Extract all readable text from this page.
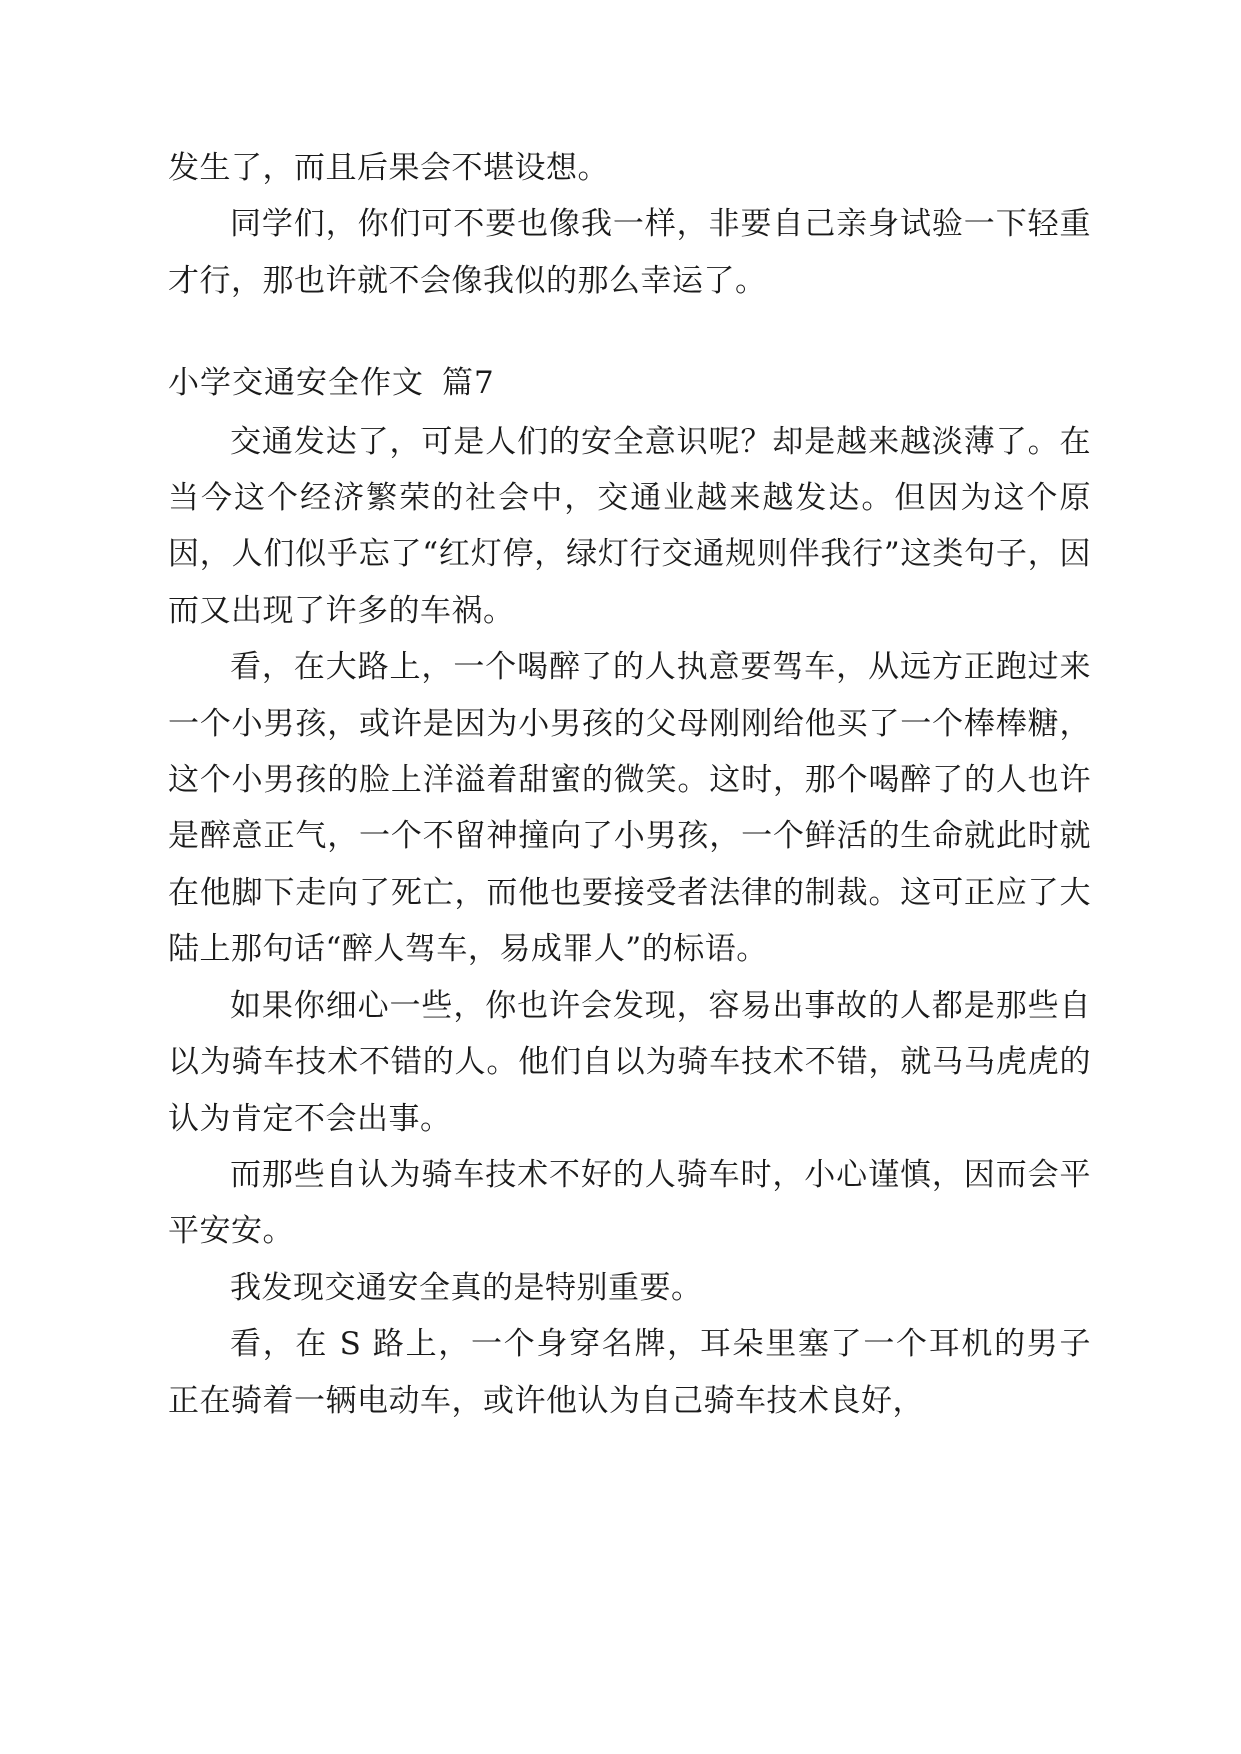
发生了，而且后果会不堪设想。

同学们，你们可不要也像我一样，非要自己亲身试验一下轻重才行，那也许就不会像我似的那么幸运了。

小学交通安全作文 篇7

交通发达了，可是人们的安全意识呢？却是越来越淡薄了。在当今这个经济繁荣的社会中，交通业越来越发达。但因为这个原因，人们似乎忘了“红灯停，绿灯行交通规则伴我行”这类句子，因而又出现了许多的车祸。

看，在大路上，一个喝醉了的人执意要驾车，从远方正跑过来一个小男孩，或许是因为小男孩的父母刚刚给他买了一个棒棒糖，这个小男孩的脸上洋溢着甜蜜的微笑。这时，那个喝醉了的人也许是醉意正气，一个不留神撞向了小男孩，一个鲜活的生命就此时就在他脚下走向了死亡，而他也要接受者法律的制裁。这可正应了大陆上那句话“醉人驾车，易成罪人”的标语。

如果你细心一些，你也许会发现，容易出事故的人都是那些自以为骑车技术不错的人。他们自以为骑车技术不错，就马马虎虎的认为肯定不会出事。

而那些自认为骑车技术不好的人骑车时，小心谨慎，因而会平平安安。

我发现交通安全真的是特别重要。

看，在 S 路上，一个身穿名牌，耳朵里塞了一个耳机的男子正在骑着一辆电动车，或许他认为自己骑车技术良好，
